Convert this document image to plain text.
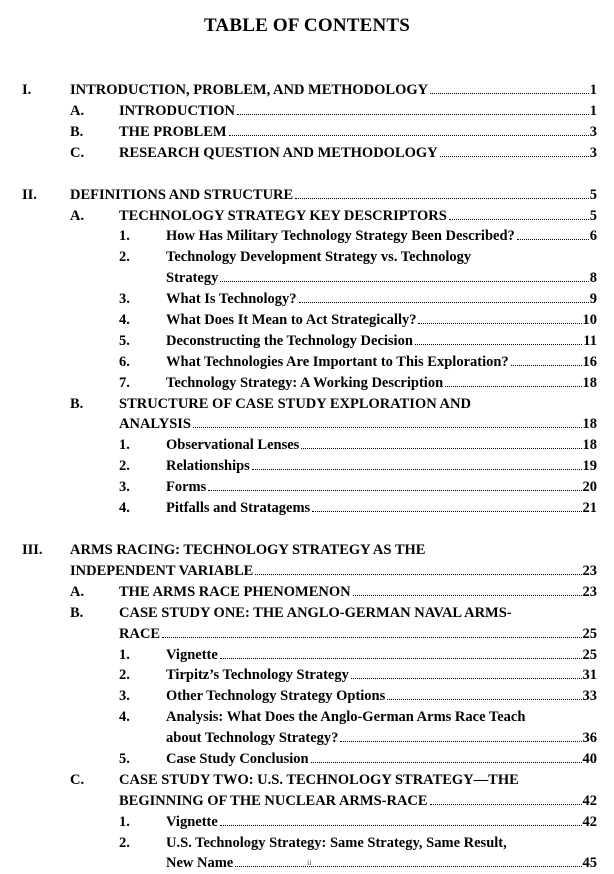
TABLE OF CONTENTS
I.	INTRODUCTION, PROBLEM, AND METHODOLOGY	1
A. INTRODUCTION	1
B. THE PROBLEM	3
C. RESEARCH QUESTION AND METHODOLOGY	3
II. DEFINITIONS AND STRUCTURE	5
A. TECHNOLOGY STRATEGY KEY DESCRIPTORS	5
1. How Has Military Technology Strategy Been Described?	6
2. Technology Development Strategy vs. Technology
Strategy	8
3. What Is Technology?	9
4. What Does It Mean to Act Strategically?	10
5. Deconstructing the Technology Decision	11
6. What Technologies Are Important to This Exploration?	16
7. Technology Strategy: A Working Description	18
B. STRUCTURE OF CASE STUDY EXPLORATION AND
ANALYSIS	18
1. Observational Lenses	18
2. Relationships	19
3. Forms	20
4. Pitfalls and Stratagems	21
III. ARMS RACING: TECHNOLOGY STRATEGY AS THE
INDEPENDENT VARIABLE	23
A. THE ARMS RACE PHENOMENON	23
B. CASE STUDY ONE: THE ANGLO-GERMAN NAVAL ARMS-
RACE	25
1. Vignette	25
2. Tirpitz’s Technology Strategy	31
3. Other Technology Strategy Options	33
4. Analysis: What Does the Anglo-German Arms Race Teach
about Technology Strategy?	36
5. Case Study Conclusion	40
C. CASE STUDY TWO: U.S. TECHNOLOGY STRATEGY—THE
BEGINNING OF THE NUCLEAR ARMS-RACE	42
1. Vignette	42
2. U.S. Technology Strategy: Same Strategy, Same Result,
New Name	45
ii
